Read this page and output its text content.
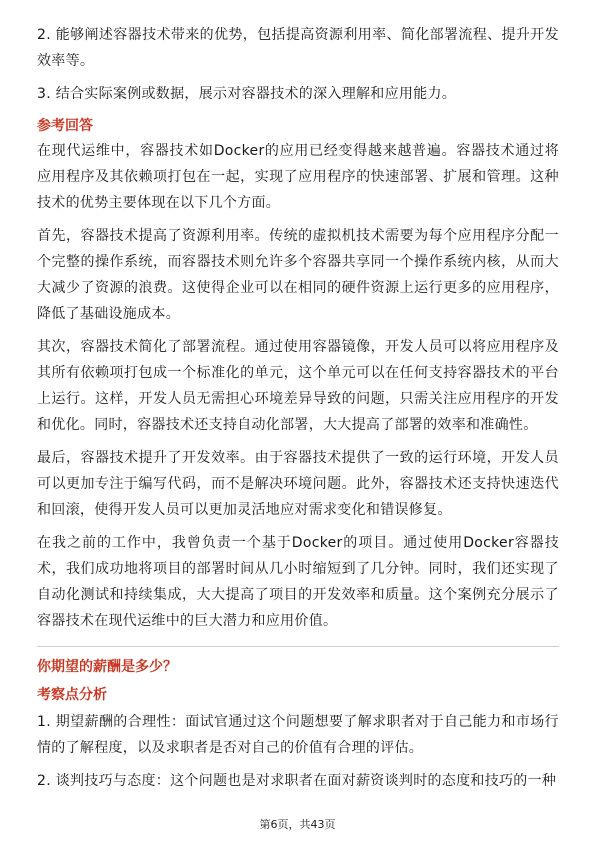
2. 能够阐述容器技术带来的优势，包括提高资源利用率、简化部署流程、提升开发效率等。

3. 结合实际案例或数据，展示对容器技术的深入理解和应用能力。

参考回答

在现代运维中，容器技术如Docker的应用已经变得越来越普遍。容器技术通过将应用程序及其依赖项打包在一起，实现了应用程序的快速部署、扩展和管理。这种技术的优势主要体现在以下几个方面。

首先，容器技术提高了资源利用率。传统的虚拟机技术需要为每个应用程序分配一个完整的操作系统，而容器技术则允许多个容器共享同一个操作系统内核，从而大大减少了资源的浪费。这使得企业可以在相同的硬件资源上运行更多的应用程序，降低了基础设施成本。

其次，容器技术简化了部署流程。通过使用容器镜像，开发人员可以将应用程序及其所有依赖项打包成一个标准化的单元，这个单元可以在任何支持容器技术的平台上运行。这样，开发人员无需担心环境差异导致的问题，只需关注应用程序的开发和优化。同时，容器技术还支持自动化部署，大大提高了部署的效率和准确性。

最后，容器技术提升了开发效率。由于容器技术提供了一致的运行环境，开发人员可以更加专注于编写代码，而不是解决环境问题。此外，容器技术还支持快速迭代和回滚，使得开发人员可以更加灵活地应对需求变化和错误修复。

在我之前的工作中，我曾负责一个基于Docker的项目。通过使用Docker容器技术，我们成功地将项目的部署时间从几小时缩短到了几分钟。同时，我们还实现了自动化测试和持续集成，大大提高了项目的开发效率和质量。这个案例充分展示了容器技术在现代运维中的巨大潜力和应用价值。

你期望的薪酬是多少？
考察点分析

1. 期望薪酬的合理性：面试官通过这个问题想要了解求职者对于自己能力和市场行情的了解程度，以及求职者是否对自己的价值有合理的评估。

2. 谈判技巧与态度：这个问题也是对求职者在面对薪资谈判时的态度和技巧的一种

第6页，共43页
